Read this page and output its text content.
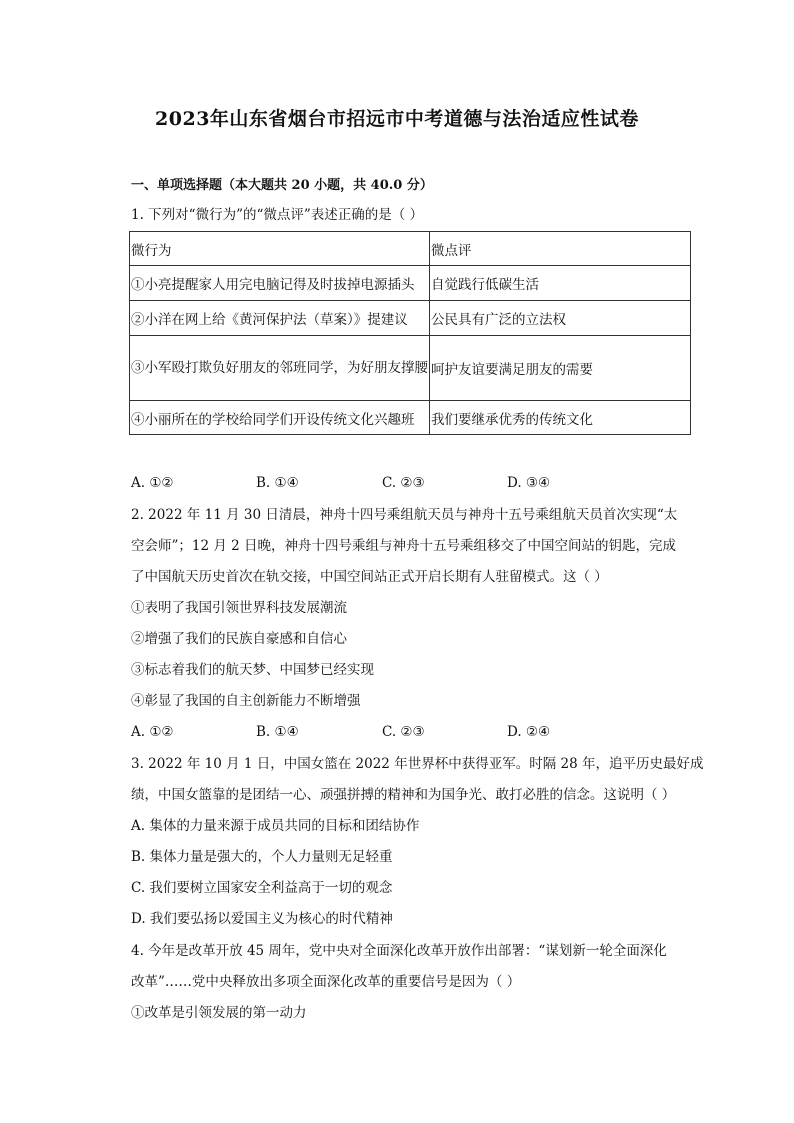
2023年山东省烟台市招远市中考道德与法治适应性试卷
一、单项选择题（本大题共 20 小题，共 40.0 分）
1. 下列对“微行为”的“微点评”表述正确的是（ ）
微行为	微点评
①小亮提醒家人用完电脑记得及时拔掉电源插头	自觉践行低碳生活
②小洋在网上给《黄河保护法（草案）》提建议	公民具有广泛的立法权
③小军殴打欺负好朋友的邻班同学，为好朋友撑腰	呵护友谊要满足朋友的需要
④小丽所在的学校给同学们开设传统文化兴趣班	我们要继承优秀的传统文化
A. ①②	B. ①④	C. ②③	D. ③④
2. 2022 年 11 月 30 日清晨，神舟十四号乘组航天员与神舟十五号乘组航天员首次实现“太
空会师”；12 月 2 日晚，神舟十四号乘组与神舟十五号乘组移交了中国空间站的钥匙，完成
了中国航天历史首次在轨交接，中国空间站正式开启长期有人驻留模式。这（ ）
①表明了我国引领世界科技发展潮流
②增强了我们的民族自豪感和自信心
③标志着我们的航天梦、中国梦已经实现
④彰显了我国的自主创新能力不断增强
A. ①②	B. ①④	C. ②③	D. ②④
3. 2022 年 10 月 1 日，中国女篮在 2022 年世界杯中获得亚军。时隔 28 年，追平历史最好成
绩，中国女篮靠的是团结一心、顽强拼搏的精神和为国争光、敢打必胜的信念。这说明（ ）
A. 集体的力量来源于成员共同的目标和团结协作
B. 集体力量是强大的，个人力量则无足轻重
C. 我们要树立国家安全利益高于一切的观念
D. 我们要弘扬以爱国主义为核心的时代精神
4. 今年是改革开放 45 周年，党中央对全面深化改革开放作出部署：“谋划新一轮全面深化
改革”……党中央释放出多项全面深化改革的重要信号是因为（ ）
①改革是引领发展的第一动力
